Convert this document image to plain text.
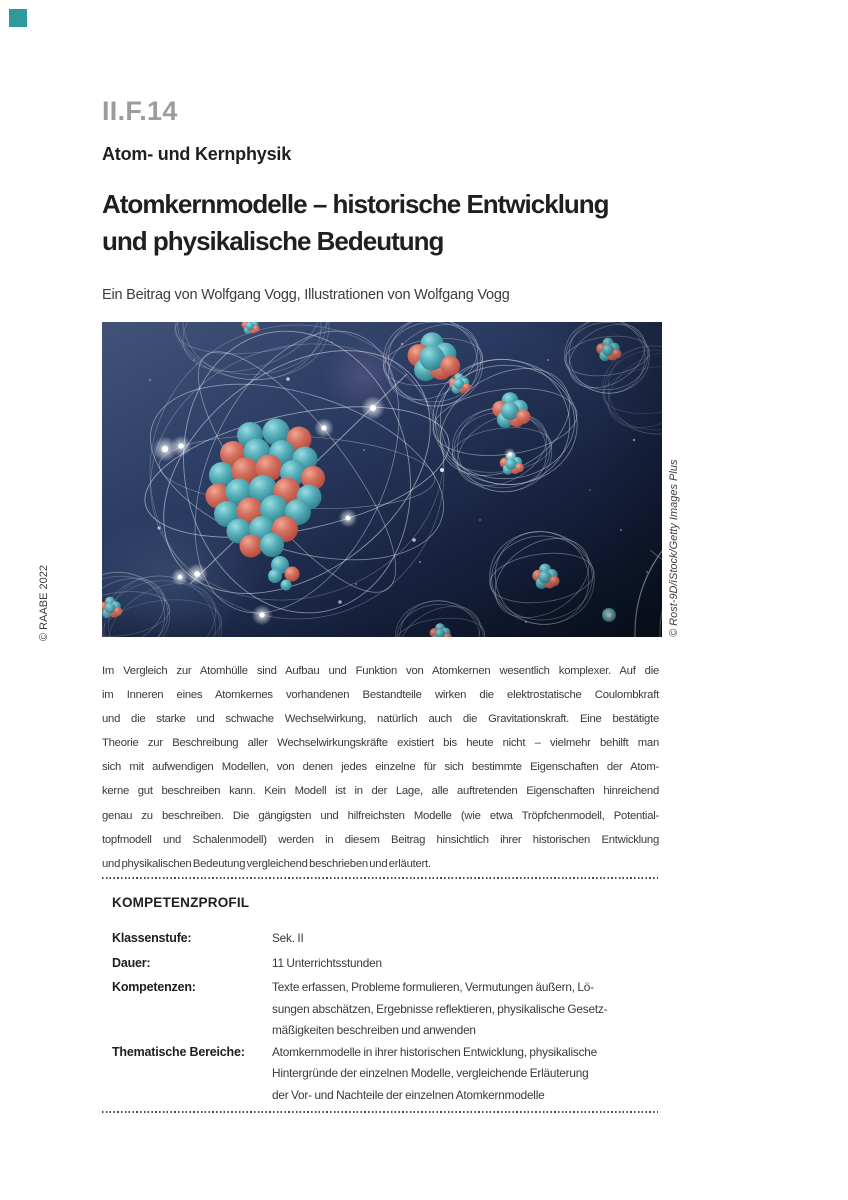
II.F.14
Atom- und Kernphysik
Atomkernmodelle – historische Entwicklung
und physikalische Bedeutung
Ein Beitrag von Wolfgang Vogg, Illustrationen von Wolfgang Vogg
© Rost-9D/iStock/Getty Images Plus
© RAABE 2022
Im Vergleich zur Atomhülle sind Aufbau und Funktion von Atomkernen wesentlich komplexer. Auf die
im Inneren eines Atomkernes vorhandenen Bestandteile wirken die elektrostatische Coulombkraft
und die starke und schwache Wechselwirkung, natürlich auch die Gravitationskraft. Eine bestätigte
Theorie zur Beschreibung aller Wechselwirkungskräfte existiert bis heute nicht – vielmehr behilft man
sich mit aufwendigen Modellen, von denen jedes einzelne für sich bestimmte Eigenschaften der Atom-
kerne gut beschreiben kann. Kein Modell ist in der Lage, alle auftretenden Eigenschaften hinreichend
genau zu beschreiben. Die gängigsten und hilfreichsten Modelle (wie etwa Tröpfchenmodell, Potential-
topfmodell und Schalenmodell) werden in diesem Beitrag hinsichtlich ihrer historischen Entwicklung
und physikalischen Bedeutung vergleichend beschrieben und erläutert.
KOMPETENZPROFIL
Klassenstufe:	Sek. II
Dauer:	11 Unterrichtsstunden
Kompetenzen:	Texte erfassen, Probleme formulieren, Vermutungen äußern, Lö-
sungen abschätzen, Ergebnisse reflektieren, physikalische Gesetz-
mäßigkeiten beschreiben und anwenden
Thematische Bereiche:	Atomkernmodelle in ihrer historischen Entwicklung, physikalische
Hintergründe der einzelnen Modelle, vergleichende Erläuterung
der Vor- und Nachteile der einzelnen Atomkernmodelle
